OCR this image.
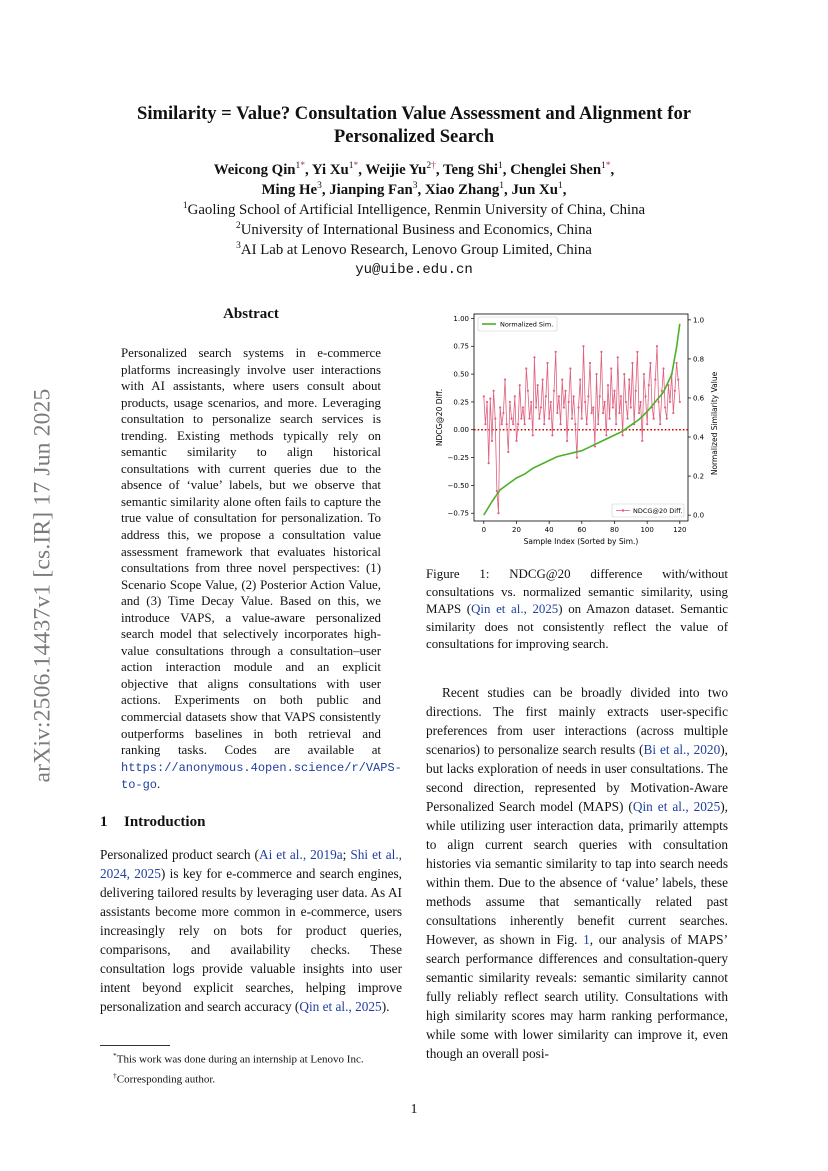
arXiv:2506.14437v1 [cs.IR] 17 Jun 2025
Similarity = Value? Consultation Value Assessment and Alignment for
Personalized Search
Weicong Qin$^{1*}$, Yi $Xu^{1*}$, Weijie $Yu^{2\dagger}$, Teng Shi$^1$, Chenglei Shen$^{1*}$,
Ming He$^3$, Jianping Fan$^3$, Xiao Zhang$^1$, Jun Xu$^1$,
$^1$Gaoling School of Artificial Intelligence, Renmin University of China, China
$^2$University of International Business and Economics, China
$^3$AI Lab at Lenovo Research, Lenovo Group Limited, China
yu@uibe.edu.cn
Abstract
Personalized search systems in e-commerce platforms increasingly involve user interactions with AI assistants, where users consult about products, usage scenarios, and more. Leveraging consultation to personalize search services is trending. Existing methods typically rely on semantic similarity to align historical consultations with current queries due to the absence of ‘value’ labels, but we observe that semantic similarity alone often fails to capture the true value of consultation for personalization. To address this, we propose a consultation value assessment framework that evaluates historical consultations from three novel perspectives: (1) Scenario Scope Value, (2) Posterior Action Value, and (3) Time Decay Value. Based on this, we introduce VAPS, a value-aware personalized search model that selectively incorporates high-value consultations through a consultation–user action interaction module and an explicit objective that aligns consultations with user actions. Experiments on both public and commercial datasets show that VAPS consistently outperforms baselines in both retrieval and ranking tasks. Codes are available at https://anonymous.4open.science/r/VAPS-to-go.
1 Introduction
Personalized product search (Ai et al., 2019a; Shi et al., 2024, 2025) is key for e-commerce and search engines, delivering tailored results by leveraging user data. As AI assistants become more common in e-commerce, users increasingly rely on bots for product queries, comparisons, and availability checks. These consultation logs provide valuable insights into user intent beyond explicit searches, helping improve personalization and search accuracy (Qin et al., 2025).
*This work was done during an internship at Lenovo Inc.
†Corresponding author.
0	20	40	60	80	100	120
−0.75
−0.50
−0.25
0.00
0.25
0.50
0.75
1.00
0.0
0.2
0.4
0.6
0.8
1.0
Sample Index (Sorted by Sim.)
NDCG@20 Diff.	Normalized Similarity Value
Normalized Sim.
NDCG@20 Diff.
Figure 1: NDCG@20 difference with/without consultations vs. normalized semantic similarity, using MAPS (Qin et al., 2025) on Amazon dataset. Semantic similarity does not consistently reflect the value of consultations for improving search.

Recent studies can be broadly divided into two directions. The first mainly extracts user-specific preferences from user interactions (across multiple scenarios) to personalize search results (Bi et al., 2020), but lacks exploration of needs in user consultations. The second direction, represented by Motivation-Aware Personalized Search model (MAPS) (Qin et al., 2025), while utilizing user interaction data, primarily attempts to align current search queries with consultation histories via semantic similarity to tap into search needs within them. Due to the absence of ‘value’ labels, these methods assume that semantically related past consultations inherently benefit current searches. However, as shown in Fig. 1, our analysis of MAPS’ search performance differences and consultation-query semantic similarity reveals: semantic similarity cannot fully reliably reflect search utility. Consultations with high similarity scores may harm ranking performance, while some with lower similarity can improve it, even though an overall posi-

1
